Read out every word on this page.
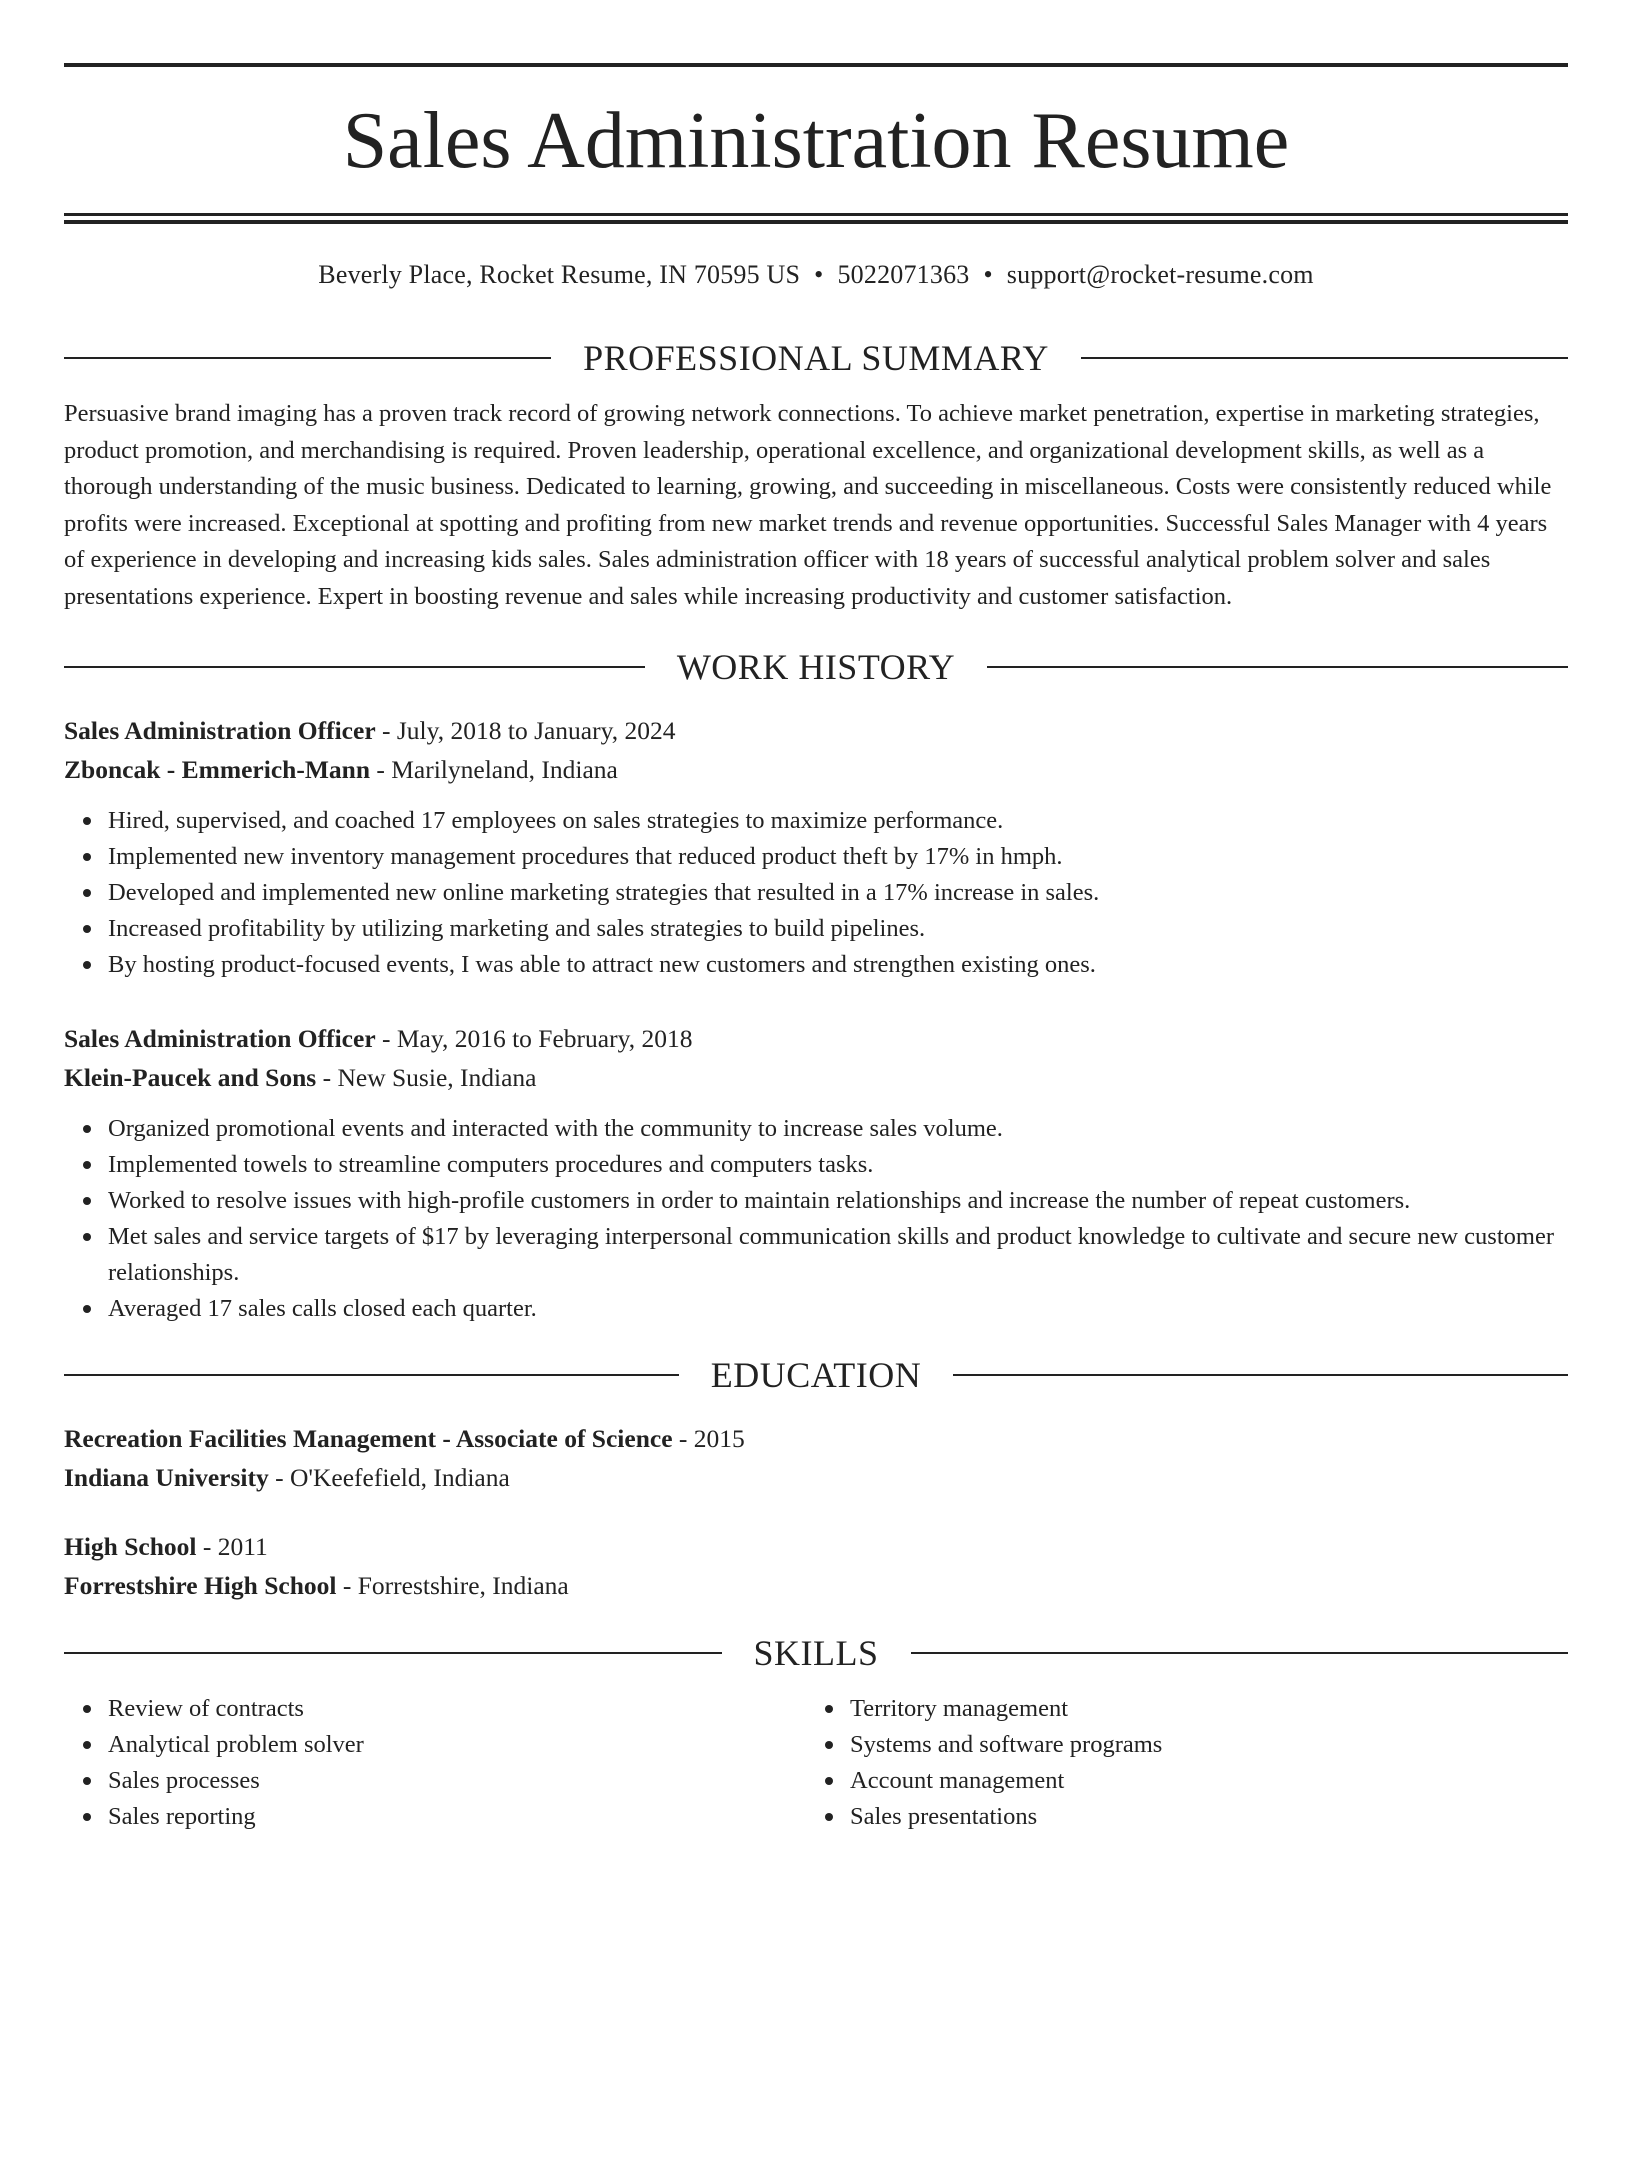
Sales Administration Resume
Beverly Place, Rocket Resume, IN 70595 US • 5022071363 • support@rocket-resume.com
PROFESSIONAL SUMMARY
Persuasive brand imaging has a proven track record of growing network connections. To achieve market penetration, expertise in marketing strategies, product promotion, and merchandising is required. Proven leadership, operational excellence, and organizational development skills, as well as a thorough understanding of the music business. Dedicated to learning, growing, and succeeding in miscellaneous. Costs were consistently reduced while profits were increased. Exceptional at spotting and profiting from new market trends and revenue opportunities. Successful Sales Manager with 4 years of experience in developing and increasing kids sales. Sales administration officer with 18 years of successful analytical problem solver and sales presentations experience. Expert in boosting revenue and sales while increasing productivity and customer satisfaction.
WORK HISTORY
Sales Administration Officer - July, 2018 to January, 2024
Zboncak - Emmerich-Mann - Marilyneland, Indiana
Hired, supervised, and coached 17 employees on sales strategies to maximize performance.
Implemented new inventory management procedures that reduced product theft by 17% in hmph.
Developed and implemented new online marketing strategies that resulted in a 17% increase in sales.
Increased profitability by utilizing marketing and sales strategies to build pipelines.
By hosting product-focused events, I was able to attract new customers and strengthen existing ones.
Sales Administration Officer - May, 2016 to February, 2018
Klein-Paucek and Sons - New Susie, Indiana
Organized promotional events and interacted with the community to increase sales volume.
Implemented towels to streamline computers procedures and computers tasks.
Worked to resolve issues with high-profile customers in order to maintain relationships and increase the number of repeat customers.
Met sales and service targets of $17 by leveraging interpersonal communication skills and product knowledge to cultivate and secure new customer relationships.
Averaged 17 sales calls closed each quarter.
EDUCATION
Recreation Facilities Management - Associate of Science - 2015
Indiana University - O'Keefefield, Indiana
High School - 2011
Forrestshire High School - Forrestshire, Indiana
SKILLS
Review of contracts
Analytical problem solver
Sales processes
Sales reporting
Territory management
Systems and software programs
Account management
Sales presentations
